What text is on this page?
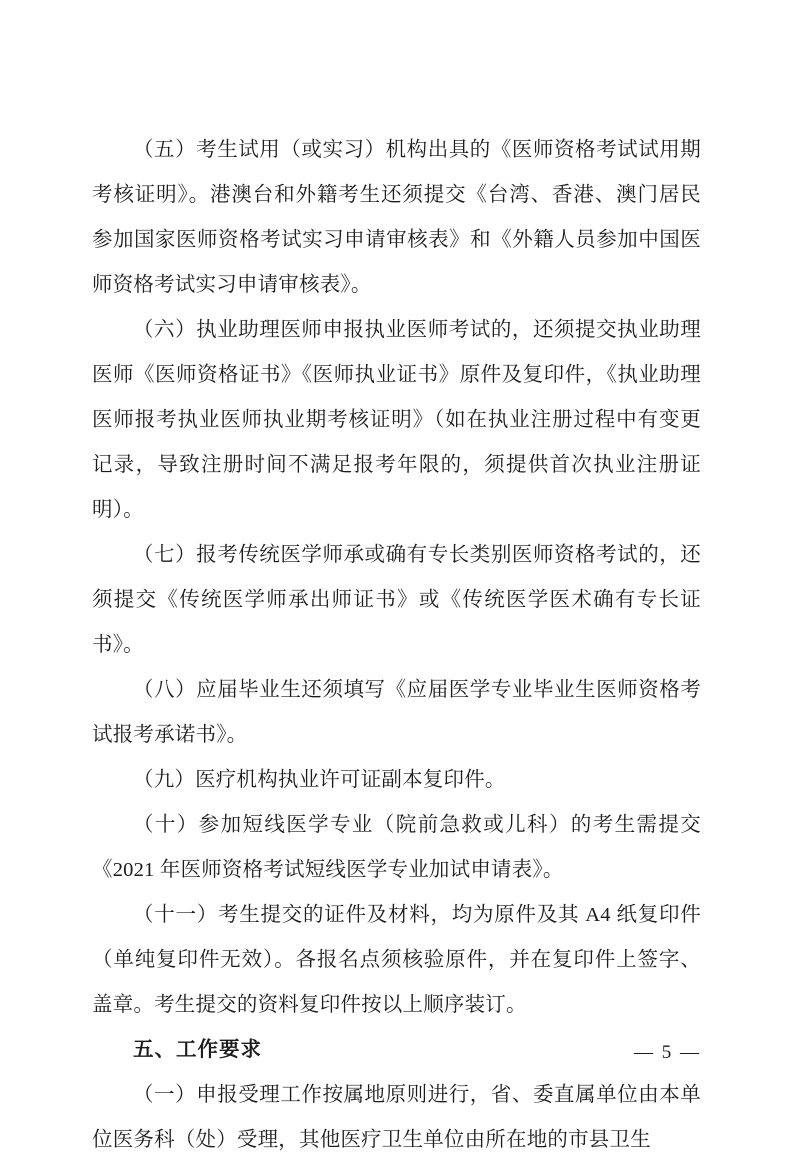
（五）考生试用（或实习）机构出具的《医师资格考试试用期考核证明》。港澳台和外籍考生还须提交《台湾、香港、澳门居民参加国家医师资格考试实习申请审核表》和《外籍人员参加中国医师资格考试实习申请审核表》。

（六）执业助理医师申报执业医师考试的，还须提交执业助理医师《医师资格证书》《医师执业证书》原件及复印件，《执业助理医师报考执业医师执业期考核证明》（如在执业注册过程中有变更记录，导致注册时间不满足报考年限的，须提供首次执业注册证明）。

（七）报考传统医学师承或确有专长类别医师资格考试的，还须提交《传统医学师承出师证书》或《传统医学医术确有专长证书》。

（八）应届毕业生还须填写《应届医学专业毕业生医师资格考试报考承诺书》。

（九）医疗机构执业许可证副本复印件。

（十）参加短线医学专业（院前急救或儿科）的考生需提交《2021 年医师资格考试短线医学专业加试申请表》。

（十一）考生提交的证件及材料，均为原件及其 A4 纸复印件（单纯复印件无效）。各报名点须核验原件，并在复印件上签字、盖章。考生提交的资料复印件按以上顺序装订。

五、工作要求

（一）申报受理工作按属地原则进行，省、委直属单位由本单位医务科（处）受理，其他医疗卫生单位由所在地的市县卫生

— 5 —
